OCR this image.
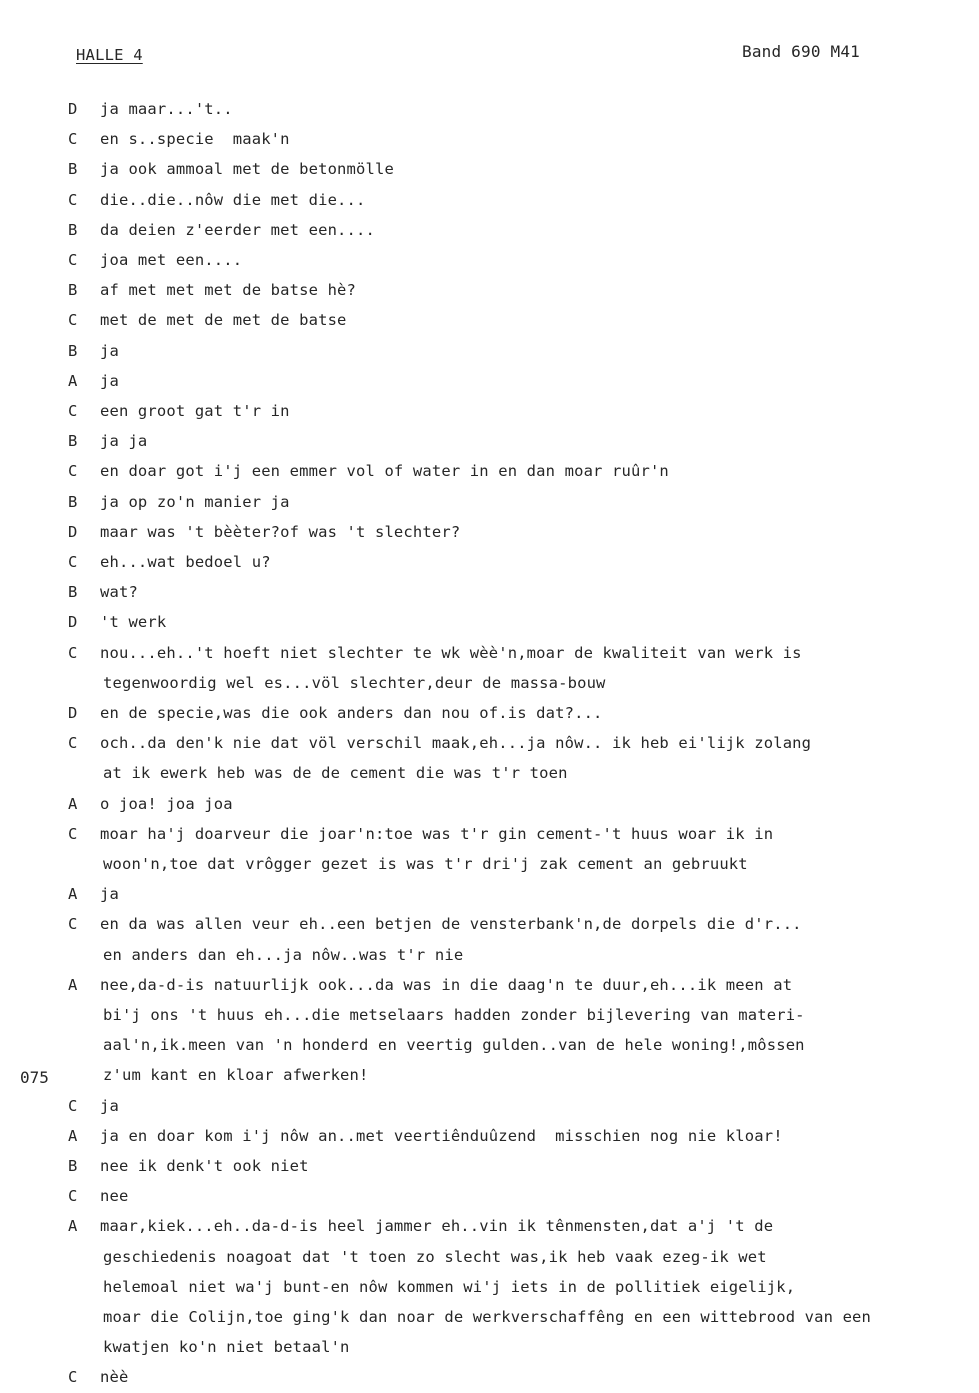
HALLE 4	Band 690 M41
075
D	ja maar...'t..
C	en s..specie  maak'n
B	ja ook ammoal met de betonmölle
C	die..die..nôw die met die...
B	da deien z'eerder met een....
C	joa met een....
B	af met met met de batse hè?
C	met de met de met de batse
B	ja
A	ja
C	een groot gat t'r in
B	ja ja
C	en doar got i'j een emmer vol of water in en dan moar ruûr'n
B	ja op zo'n manier ja
D	maar was 't bèèter?of was 't slechter?
C	eh...wat bedoel u?
B	wat?
D	't werk
C	nou...eh..'t hoeft niet slechter te wk wèè'n,moar de kwaliteit van werk is
tegenwoordig wel es...völ slechter,deur de massa-bouw
D	en de specie,was die ook anders dan nou of.is dat?...
C	och..da den'k nie dat völ verschil maak,eh...ja nôw.. ik heb ei'lijk zolang
at ik ewerk heb was de de cement die was t'r toen
A	o joa! joa joa
C	moar ha'j doarveur die joar'n:toe was t'r gin cement-'t huus woar ik in
woon'n,toe dat vrôgger gezet is was t'r dri'j zak cement an gebruukt
A	ja
C	en da was allen veur eh..een betjen de vensterbank'n,de dorpels die d'r...
en anders dan eh...ja nôw..was t'r nie
A	nee,da-d-is natuurlijk ook...da was in die daag'n te duur,eh...ik meen at
bi'j ons 't huus eh...die metselaars hadden zonder bijlevering van materi-
aal'n,ik.meen van 'n honderd en veertig gulden..van de hele woning!,môssen
z'um kant en kloar afwerken!
C	ja
A	ja en doar kom i'j nôw an..met veertiênduûzend  misschien nog nie kloar!
B	nee ik denk't ook niet
C	nee
A	maar,kiek...eh..da-d-is heel jammer eh..vin ik tênmensten,dat a'j 't de
geschiedenis noagoat dat 't toen zo slecht was,ik heb vaak ezeg-ik wet
helemoal niet wa'j bunt-en nôw kommen wi'j iets in de pollitiek eigelijk,
moar die Colijn,toe ging'k dan noar de werkverschaffêng en een wittebrood van een
kwatjen ko'n niet betaal'n
C	nèè
